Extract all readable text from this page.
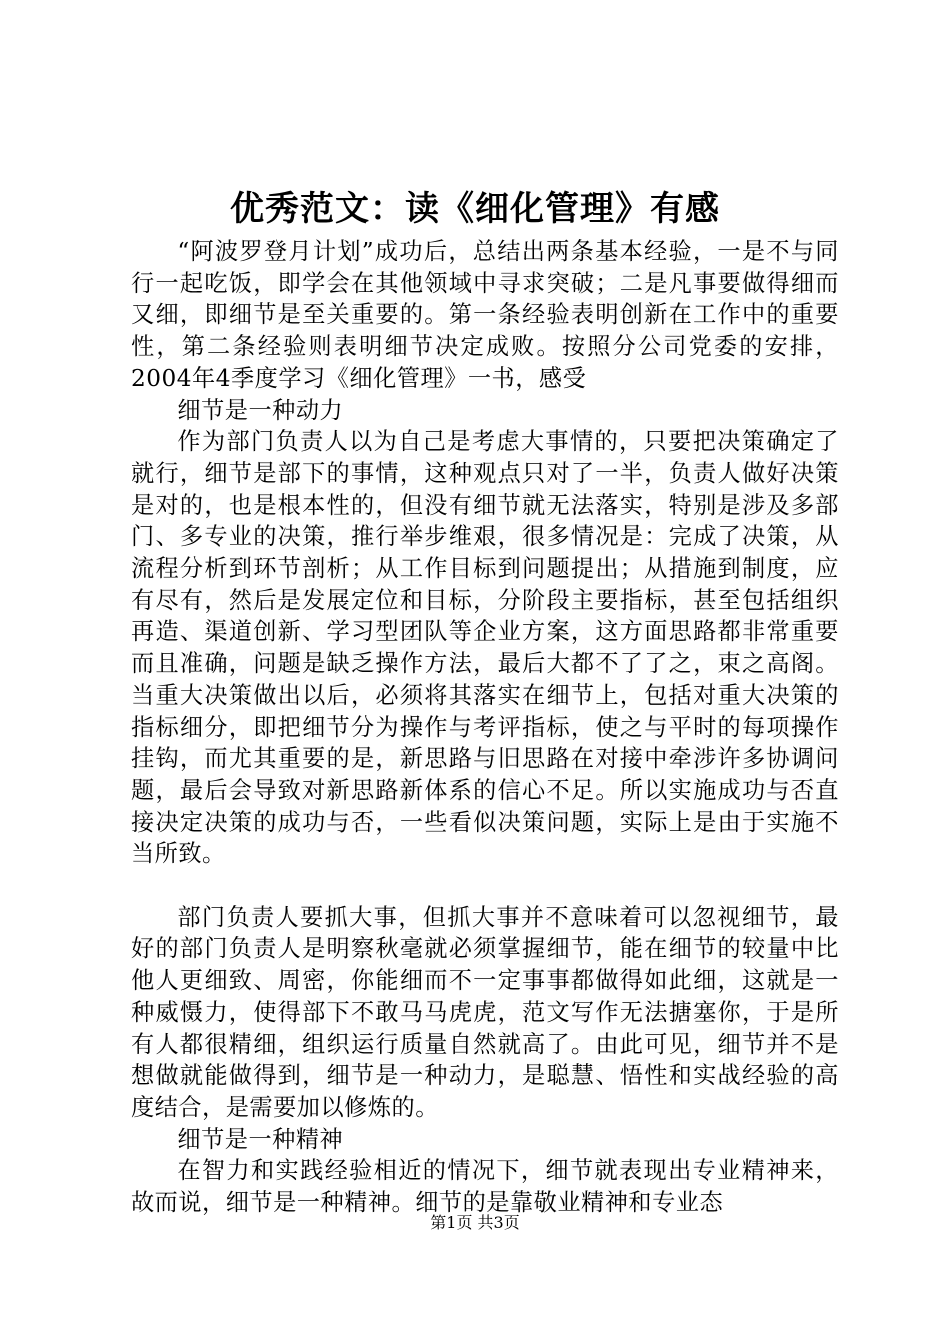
优秀范文：读《细化管理》有感

“阿波罗登月计划”成功后，总结出两条基本经验，一是不与同行一起吃饭，即学会在其他领域中寻求突破；二是凡事要做得细而又细，即细节是至关重要的。第一条经验表明创新在工作中的重要性，第二条经验则表明细节决定成败。按照分公司党委的安排，2004年4季度学习《细化管理》一书，感受

细节是一种动力

作为部门负责人以为自己是考虑大事情的，只要把决策确定了就行，细节是部下的事情，这种观点只对了一半，负责人做好决策是对的，也是根本性的，但没有细节就无法落实，特别是涉及多部门、多专业的决策，推行举步维艰，很多情况是：完成了决策，从流程分析到环节剖析；从工作目标到问题提出；从措施到制度，应有尽有，然后是发展定位和目标，分阶段主要指标，甚至包括组织再造、渠道创新、学习型团队等企业方案，这方面思路都非常重要而且准确，问题是缺乏操作方法，最后大都不了了之，束之高阁。当重大决策做出以后，必须将其落实在细节上，包括对重大决策的指标细分，即把细节分为操作与考评指标，使之与平时的每项操作挂钩，而尤其重要的是，新思路与旧思路在对接中牵涉许多协调问题，最后会导致对新思路新体系的信心不足。所以实施成功与否直接决定决策的成功与否，一些看似决策问题，实际上是由于实施不当所致。

部门负责人要抓大事，但抓大事并不意味着可以忽视细节，最好的部门负责人是明察秋毫就必须掌握细节，能在细节的较量中比他人更细致、周密，你能细而不一定事事都做得如此细，这就是一种威慑力，使得部下不敢马马虎虎，范文写作无法搪塞你，于是所有人都很精细，组织运行质量自然就高了。由此可见，细节并不是想做就能做得到，细节是一种动力，是聪慧、悟性和实战经验的高度结合，是需要加以修炼的。

细节是一种精神

在智力和实践经验相近的情况下，细节就表现出专业精神来，故而说，细节是一种精神。细节的是靠敬业精神和专业态

第1页 共3页
